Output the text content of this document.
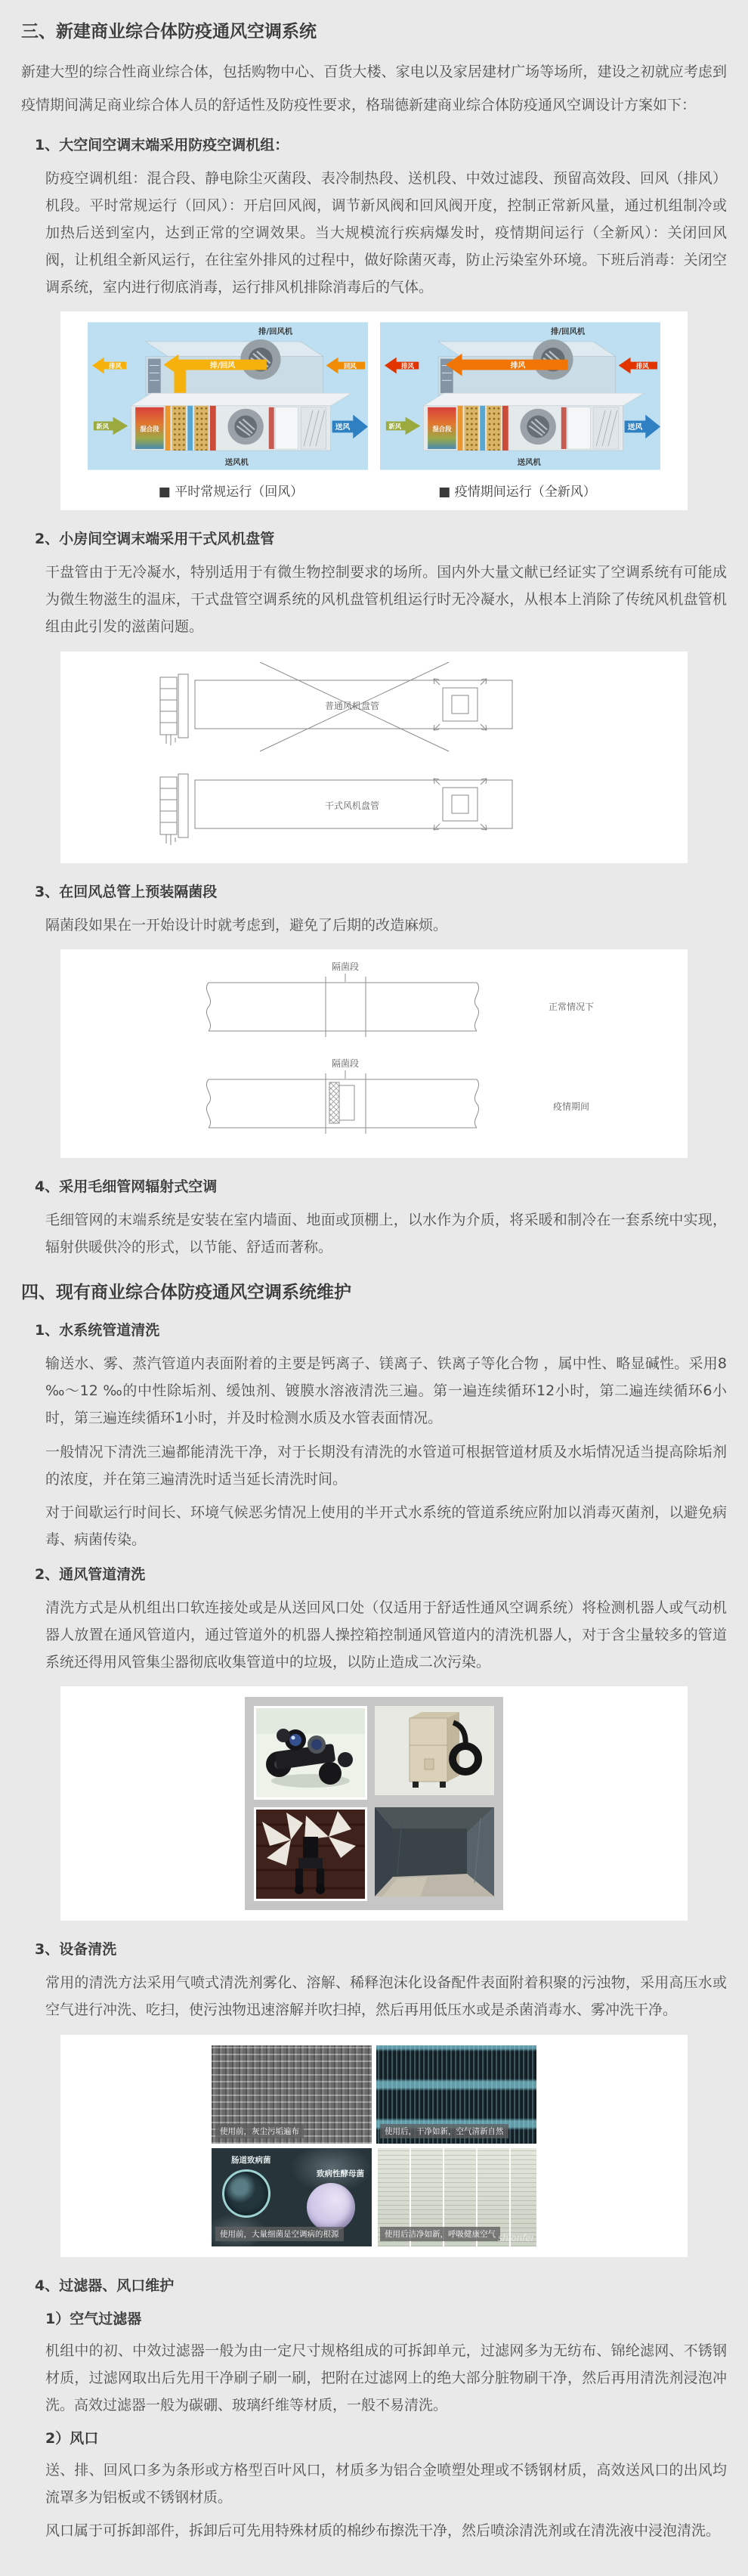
三、新建商业综合体防疫通风空调系统

新建大型的综合性商业综合体，包括购物中心、百货大楼、家电以及家居建材广场等场所，建设之初就应考虑到疫情期间满足商业综合体人员的舒适性及防疫性要求，格瑞德新建商业综合体防疫通风空调设计方案如下：

1、大空间空调末端采用防疫空调机组：

防疫空调机组：混合段、静电除尘灭菌段、表冷制热段、送机段、中效过滤段、预留高效段、回风（排风）机段。平时常规运行（回风）：开启回风阀，调节新风阀和回风阀开度，控制正常新风量，通过机组制冷或加热后送到室内，达到正常的空调效果。当大规模流行疾病爆发时，疫情期间运行（全新风）：关闭回风阀，让机组全新风运行，在往室外排风的过程中，做好除菌灭毒，防止污染室外环境。下班后消毒：关闭空调系统，室内进行彻底消毒，运行排风机排除消毒后的气体。

排/回风机
排风	排/回风	回风
混合段
送风机
新风	送风
排/回风机
排风	排风	排风
混合段
送风机
新风	送风
■ 平时常规运行（回风）	■ 疫情期间运行（全新风）
2、小房间空调末端采用干式风机盘管

干盘管由于无冷凝水，特别适用于有微生物控制要求的场所。国内外大量文献已经证实了空调系统有可能成为微生物滋生的温床，干式盘管空调系统的风机盘管机组运行时无冷凝水，从根本上消除了传统风机盘管机组由此引发的滋菌问题。

普通风机盘管
干式风机盘管
3、在回风总管上预装隔菌段

隔菌段如果在一开始设计时就考虑到，避免了后期的改造麻烦。

隔菌段
正常情况下
隔菌段
疫情期间
4、采用毛细管网辐射式空调

毛细管网的末端系统是安装在室内墙面、地面或顶棚上，以水作为介质，将采暖和制冷在一套系统中实现，辐射供暖供冷的形式，以节能、舒适而著称。

四、现有商业综合体防疫通风空调系统维护
1、水系统管道清洗

输送水、雾、蒸汽管道内表面附着的主要是钙离子、镁离子、铁离子等化合物 ，属中性、略显碱性。采用8 ‰～12 ‰的中性除垢剂、缓蚀剂、镀膜水溶液清洗三遍。第一遍连续循环12小时，第二遍连续循环6小时，第三遍连续循环1小时，并及时检测水质及水管表面情况。

一般情况下清洗三遍都能清洗干净，对于长期没有清洗的水管道可根据管道材质及水垢情况适当提高除垢剂的浓度，并在第三遍清洗时适当延长清洗时间。

对于间歇运行时间长、环境气候恶劣情况上使用的半开式水系统的管道系统应附加以消毒灭菌剂，以避免病毒、病菌传染。

2、通风管道清洗

清洗方式是从机组出口软连接处或是从送回风口处（仅适用于舒适性通风空调系统）将检测机器人或气动机器人放置在通风管道内，通过管道外的机器人操控箱控制通风管道内的清洗机器人，对于含尘量较多的管道系统还得用风管集尘器彻底收集管道中的垃圾，以防止造成二次污染。

3、设备清洗

常用的清洗方法采用气喷式清洗剂雾化、溶解、稀释泡沫化设备配件表面附着积聚的污浊物，采用高压水或空气进行冲洗、吃扫，使污浊物迅速溶解并吹扫掉，然后再用低压水或是杀菌消毒水、雾冲洗干净。

使用前，灰尘污垢遍布	使用后，干净如新，空气清新自然
肠道致病菌
致病性酵母菌
使用前，大量细菌是空调病的根源	使用后洁净如新，呼吸健康空气 shionfei
4、过滤器、风口维护
1）空气过滤器

机组中的初、中效过滤器一般为由一定尺寸规格组成的可拆卸单元，过滤网多为无纺布、锦纶滤网、不锈钢材质，过滤网取出后先用干净刷子刷一刷，把附在过滤网上的绝大部分脏物刷干净，然后再用清洗剂浸泡冲洗。高效过滤器一般为碳硼、玻璃纤维等材质，一般不易清洗。

2）风口

送、排、回风口多为条形或方格型百叶风口，材质多为铝合金喷塑处理或不锈钢材质，高效送风口的出风均流罩多为铝板或不锈钢材质。

风口属于可拆卸部件，拆卸后可先用特殊材质的棉纱布擦洗干净，然后喷涂清洗剂或在清洗液中浸泡清洗。
